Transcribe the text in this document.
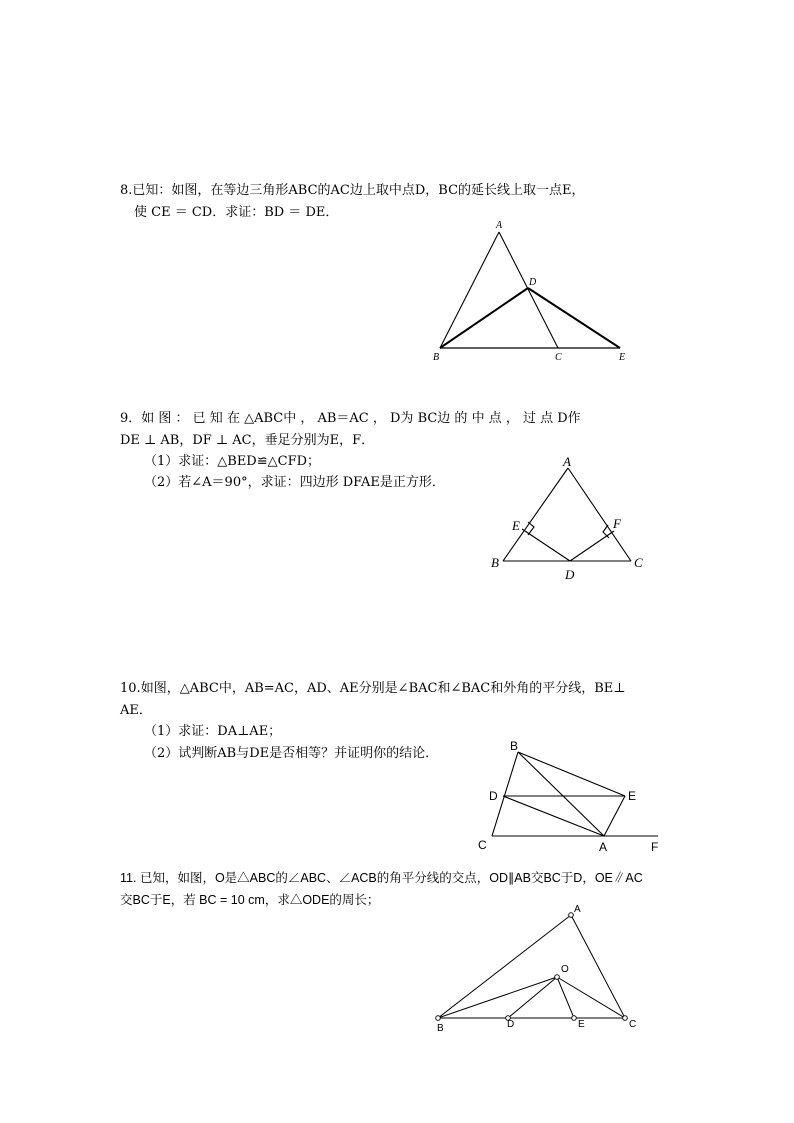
8.已知：如图，在等边三角形ABC的AC边上取中点D，BC的延长线上取一点E，
使 CE ＝ CD．求证：BD ＝ DE．
A
D
B	C	E
9．如 图 ： 已 知 在 △ABC中 ， AB＝AC ， D为 BC边 的 中 点 ， 过 点 D作
DE ⊥ AB，DF ⊥ AC，垂足分别为E，F．
（1）求证：△BED≌△CFD；
（2）若∠A＝90°，求证：四边形 DFAE是正方形．
A
E	F
B
D
C
10.如图，△ABC中，AB=AC，AD、AE分别是∠BAC和∠BAC和外角的平分线，BE⊥
AE．
（1）求证：DA⊥AE；
（2）试判断AB与DE是否相等？并证明你的结论．	B
D	E
C	A	F
11. 已知，如图，O是△ABC的∠ABC、∠ACB的角平分线的交点，OD∥AB交BC于D，OE∥AC
交BC于E，若 BC = 10 cm，求△ODE的周长；
A
O
B	D	E	C
